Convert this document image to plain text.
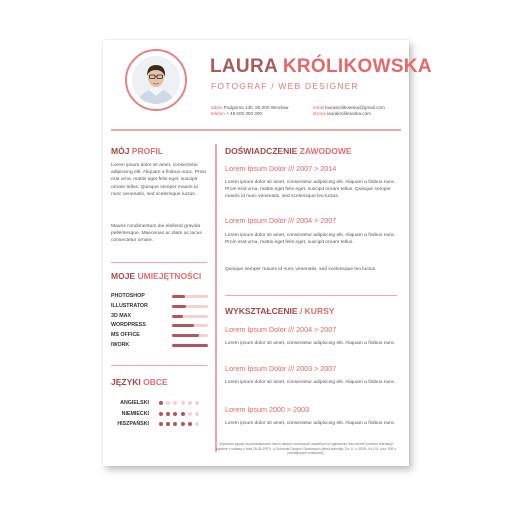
LAURA KRÓLIKOWSKA
FOTOGRAF / WEB DESIGNER
adres Podgórna 13b, 80-200 Wrocław
telefon + 48 600 300 300
email laurakrolikowska@gmail.com
strona laurakrolikowska.com
MÓJ PROFIL
Lorem ipsum dolor sit amet, consectetur adipiscing elit. Aliquam a finibus nunc. Proin erat urna, mattis eget felis eget, suscipit ornare tellus. Quisque semper mauris id nunc venenatis, sed scelerisque luctus.
Mauris condimentum dui eleifend gravida pellentesque. Maecenas ac diam ac lacus consectetur ornare.
MOJE UMIEJĘTNOŚCI
PHOTOSHOP
ILLUSTRATOR
3D MAX
WORDPRESS
MS OFFICE
IWORK
JĘZYKI OBCE
ANGIELSKI
NIEMIECKI
HISZPAŃSKI
DOŚWIADCZENIE ZAWODOWE
Lorem Ipsum Dolor /// 2007 > 2014
Lorem ipsum dolor sit amet, consectetur adipiscing elit. Aliquam a finibus nunc. Proin erat urna, mattis eget felis eget, suscipit ornare tellus. Quisque semper mauris id nunc venenatis, sed scelerisque leo luctus.
Lorem Ipsum Dolor /// 2004 > 2007
Lorem ipsum dolor sit amet, consectetur adipiscing elit. Aliquam a finibus nunc. Proin erat urna, mattis eget felis eget, suscipit ornare tellus.
Quisque semper mauris id nunc venenatis, sed scelerisque leo luctus.
WYKSZTAŁCENIE / KURSY
Lorem Ipsum Dolor /// 2004 > 2007
Lorem ipsum dolor sit amet, consectetur adipiscing elit. Aliquam a finibus nunc.
Lorem Ipsum Dolor /// 2003 > 2007
Lorem ipsum dolor sit amet, consectetur adipiscing elit. Aliquam a finibus nunc.
Lorem Ipsum 2000 > 2003
Lorem ipsum dolor sit amet, consectetur adipiscing elit. Aliquam a finibus nunc.
Wyrażam zgodę na przetwarzanie moich danych osobowych zawartych w ogłoszeniu dla potrzeb procesu rekrutacji zgodnie z ustawą z dnia 29.08.1997r. o Ochronie Danych Osobowych (tekst jednolity: Dz. U. z 2002r. Nr 101, poz. 926 z późniejszymi zmianami).
